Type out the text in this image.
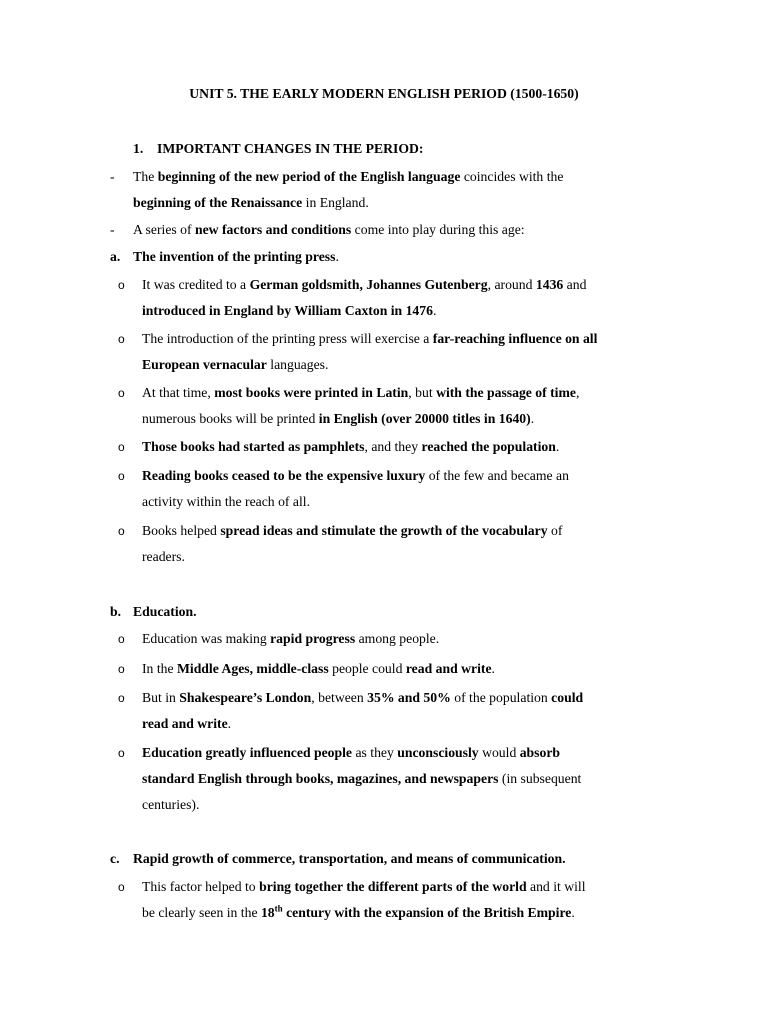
UNIT 5. THE EARLY MODERN ENGLISH PERIOD (1500-1650)
1. IMPORTANT CHANGES IN THE PERIOD:
- The beginning of the new period of the English language coincides with the
beginning of the Renaissance in England.
- A series of new factors and conditions come into play during this age:
a. The invention of the printing press.
o It was credited to a German goldsmith, Johannes Gutenberg, around 1436 and
introduced in England by William Caxton in 1476.
o The introduction of the printing press will exercise a far-reaching influence on all
European vernacular languages.
o At that time, most books were printed in Latin, but with the passage of time,
numerous books will be printed in English (over 20000 titles in 1640).
o Those books had started as pamphlets, and they reached the population.
o Reading books ceased to be the expensive luxury of the few and became an
activity within the reach of all.
o Books helped spread ideas and stimulate the growth of the vocabulary of
readers.
b. Education.
o Education was making rapid progress among people.
o In the Middle Ages, middle-class people could read and write.
o But in Shakespeare’s London, between 35% and 50% of the population could
read and write.
o Education greatly influenced people as they unconsciously would absorb
standard English through books, magazines, and newspapers (in subsequent
centuries).
c. Rapid growth of commerce, transportation, and means of communication.
o This factor helped to bring together the different parts of the world and it will
be clearly seen in the 18th century with the expansion of the British Empire.
